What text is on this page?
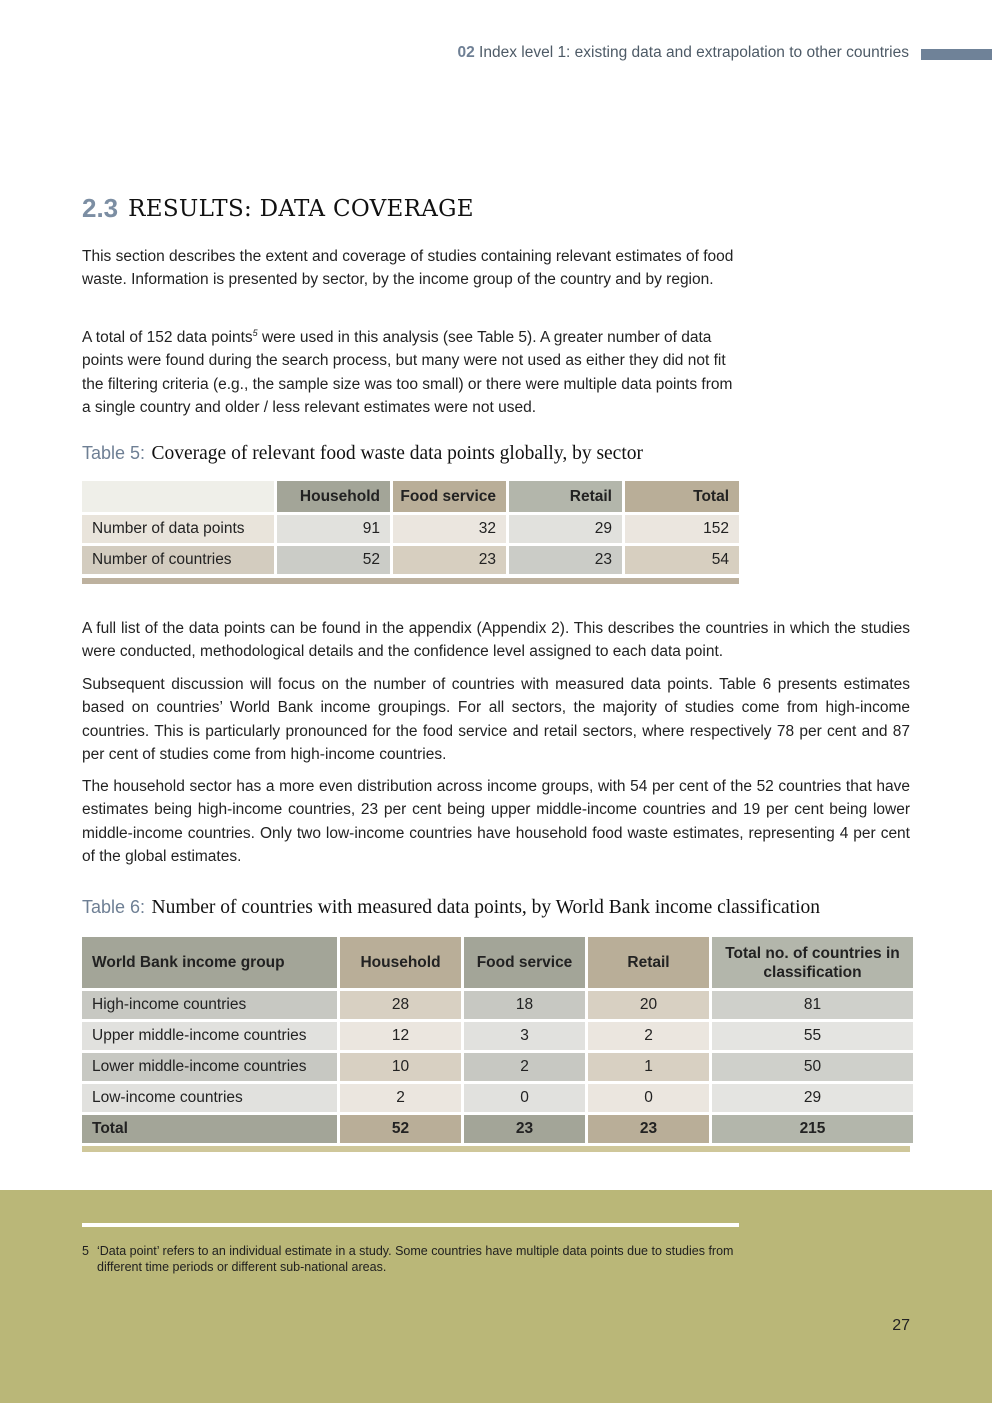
02 Index level 1: existing data and extrapolation to other countries
2.3 RESULTS: DATA COVERAGE

This section describes the extent and coverage of studies containing relevant estimates of food waste. Information is presented by sector, by the income group of the country and by region.

A total of 152 data points$^5$ were used in this analysis (see Table 5). A greater number of data points were found during the search process, but many were not used as either they did not fit the filtering criteria (e.g., the sample size was too small) or there were multiple data points from a single country and older / less relevant estimates were not used.

Table 5: Coverage of relevant food waste data points globally, by sector
	Household	Food service	Retail	Total
Number of data points	91	32	29	152
Number of countries	52	23	23	54

A full list of the data points can be found in the appendix (Appendix 2). This describes the countries in which the studies were conducted, methodological details and the confidence level assigned to each data point.

Subsequent discussion will focus on the number of countries with measured data points. Table 6 presents estimates based on countries’ World Bank income groupings. For all sectors, the majority of studies come from high-income countries. This is particularly pronounced for the food service and retail sectors, where respectively 78 per cent and 87 per cent of studies come from high-income countries.

The household sector has a more even distribution across income groups, with 54 per cent of the 52 countries that have estimates being high-income countries, 23 per cent being upper middle-income countries and 19 per cent being lower middle-income countries. Only two low-income countries have household food waste estimates, representing 4 per cent of the global estimates.

Table 6: Number of countries with measured data points, by World Bank income classification
World Bank income group	Household	Food service	Retail	Total no. of countries in classification
High-income countries	28	18	20	81
Upper middle-income countries	12	3	2	55
Lower middle-income countries	10	2	1	50
Low-income countries	2	0	0	29
Total	52	23	23	215
5 ‘Data point’ refers to an individual estimate in a study. Some countries have multiple data points due to studies from different time periods or different sub-national areas.
27
